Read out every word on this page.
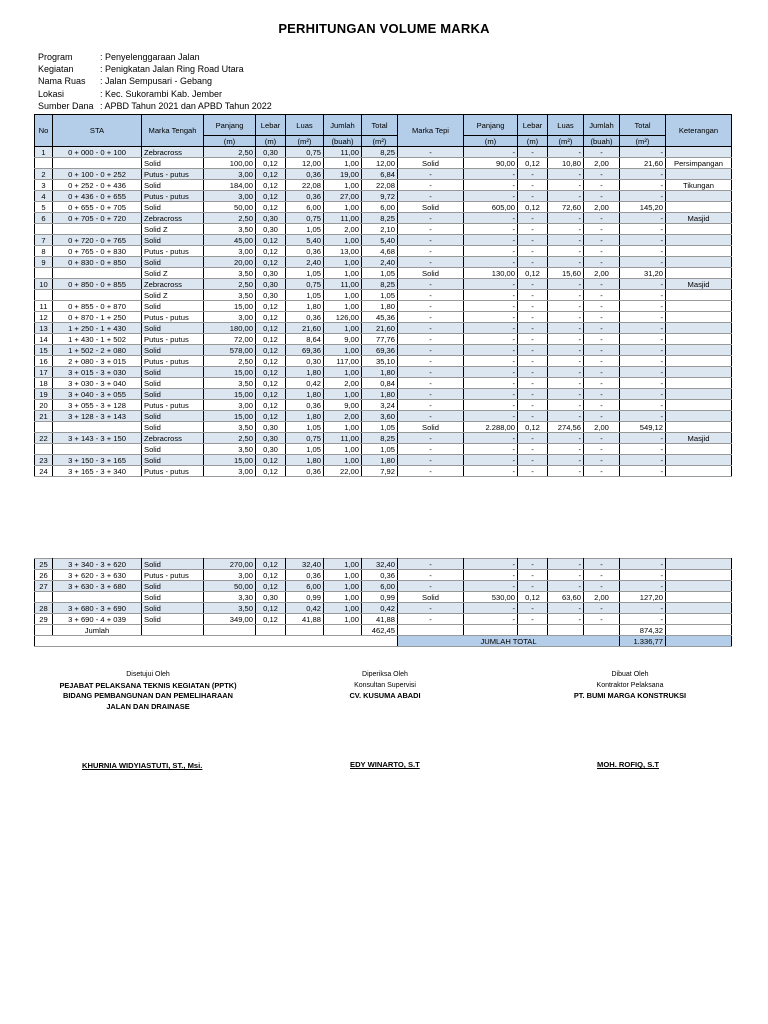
PERHITUNGAN VOLUME MARKA
Program	: Penyelenggaraan Jalan
Kegiatan	: Penigkatan Jalan Ring Road Utara
Nama Ruas	: Jalan Sempusari - Gebang
Lokasi	: Kec. Sukorambi Kab. Jember
Sumber Dana : APBD Tahun 2021 dan APBD Tahun 2022
No	STA	Marka Tengah	Panjang	Lebar	Luas	Jumlah	Total	Marka Tepi	Panjang	Lebar	Luas	Jumlah	Total	Keterangan
			(m)	(m)	(m²)	(buah)	(m²)		(m)	(m)	(m²)	(buah)	(m²)	
1	0 + 000 - 0 + 100	Zebracross	2,50	0,30	0,75	11,00	8,25	-	-	-	-	-	-	
		Solid	100,00	0,12	12,00	1,00	12,00	Solid	90,00	0,12	10,80	2,00	21,60	Persimpangan
2	0 + 100 - 0 + 252	Putus - putus	3,00	0,12	0,36	19,00	6,84	-	-	-	-	-	-	
3	0 + 252 - 0 + 436	Solid	184,00	0,12	22,08	1,00	22,08	-	-	-	-	-	-	Tikungan
4	0 + 436 - 0 + 655	Putus - putus	3,00	0,12	0,36	27,00	9,72	-	-	-	-	-	-	
5	0 + 655 - 0 + 705	Solid	50,00	0,12	6,00	1,00	6,00	Solid	605,00	0,12	72,60	2,00	145,20	
6	0 + 705 - 0 + 720	Zebracross	2,50	0,30	0,75	11,00	8,25	-	-	-	-	-	-	Masjid
		Solid Z	3,50	0,30	1,05	2,00	2,10	-	-	-	-	-	-	
7	0 + 720 - 0 + 765	Solid	45,00	0,12	5,40	1,00	5,40	-	-	-	-	-	-	
8	0 + 765 - 0 + 830	Putus - putus	3,00	0,12	0,36	13,00	4,68	-	-	-	-	-	-	
9	0 + 830 - 0 + 850	Solid	20,00	0,12	2,40	1,00	2,40	-	-	-	-	-	-	
		Solid Z	3,50	0,30	1,05	1,00	1,05	Solid	130,00	0,12	15,60	2,00	31,20	
10	0 + 850 - 0 + 855	Zebracross	2,50	0,30	0,75	11,00	8,25	-	-	-	-	-	-	Masjid
		Solid Z	3,50	0,30	1,05	1,00	1,05	-	-	-	-	-	-	
11	0 + 855 - 0 + 870	Solid	15,00	0,12	1,80	1,00	1,80	-	-	-	-	-	-	
12	0 + 870 - 1 + 250	Putus - putus	3,00	0,12	0,36	126,00	45,36	-	-	-	-	-	-	
13	1 + 250 - 1 + 430	Solid	180,00	0,12	21,60	1,00	21,60	-	-	-	-	-	-	
14	1 + 430 - 1 + 502	Putus - putus	72,00	0,12	8,64	9,00	77,76	-	-	-	-	-	-	
15	1 + 502 - 2 + 080	Solid	578,00	0,12	69,36	1,00	69,36	-	-	-	-	-	-	
16	2 + 080 - 3 + 015	Putus - putus	2,50	0,12	0,30	117,00	35,10	-	-	-	-	-	-	
17	3 + 015 - 3 + 030	Solid	15,00	0,12	1,80	1,00	1,80	-	-	-	-	-	-	
18	3 + 030 - 3 + 040	Solid	3,50	0,12	0,42	2,00	0,84	-	-	-	-	-	-	
19	3 + 040 - 3 + 055	Solid	15,00	0,12	1,80	1,00	1,80	-	-	-	-	-	-	
20	3 + 055 - 3 + 128	Putus - putus	3,00	0,12	0,36	9,00	3,24	-	-	-	-	-	-	
21	3 + 128 - 3 + 143	Solid	15,00	0,12	1,80	2,00	3,60	-	-	-	-	-	-	
		Solid	3,50	0,30	1,05	1,00	1,05	Solid	2.288,00	0,12	274,56	2,00	549,12	
22	3 + 143 - 3 + 150	Zebracross	2,50	0,30	0,75	11,00	8,25	-	-	-	-	-	-	Masjid
		Solid	3,50	0,30	1,05	1,00	1,05	-	-	-	-	-	-	
23	3 + 150 - 3 + 165	Solid	15,00	0,12	1,80	1,00	1,80	-	-	-	-	-	-	
24	3 + 165 - 3 + 340	Putus - putus	3,00	0,12	0,36	22,00	7,92	-	-	-	-	-	-	
25	3 + 340 - 3 + 620	Solid	270,00	0,12	32,40	1,00	32,40	-	-	-	-	-	-	
26	3 + 620 - 3 + 630	Putus - putus	3,00	0,12	0,36	1,00	0,36	-	-	-	-	-	-	
27	3 + 630 - 3 + 680	Solid	50,00	0,12	6,00	1,00	6,00	-	-	-	-	-	-	
		Solid	3,30	0,30	0,99	1,00	0,99	Solid	530,00	0,12	63,60	2,00	127,20	
28	3 + 680 - 3 + 690	Solid	3,50	0,12	0,42	1,00	0,42	-	-	-	-	-	-	
29	3 + 690 - 4 + 039	Solid	349,00	0,12	41,88	1,00	41,88	-	-	-	-	-	-	
	Jumlah						462,45						874,32	
								JUMLAH TOTAL					1.336,77	
Disetujui Oleh
PEJABAT PELAKSANA TEKNIS KEGIATAN (PPTK)
BIDANG PEMBANGUNAN DAN PEMELIHARAAN
JALAN DAN DRAINASE
Diperiksa Oleh
Konsultan Supervisi
CV. KUSUMA ABADI
Dibuat Oleh
Kontraktor Pelaksana
PT. BUMI MARGA KONSTRUKSI
KHURNIA WIDYIASTUTI, ST., Msi.	EDY WINARTO, S.T	MOH. ROFIQ, S.T
